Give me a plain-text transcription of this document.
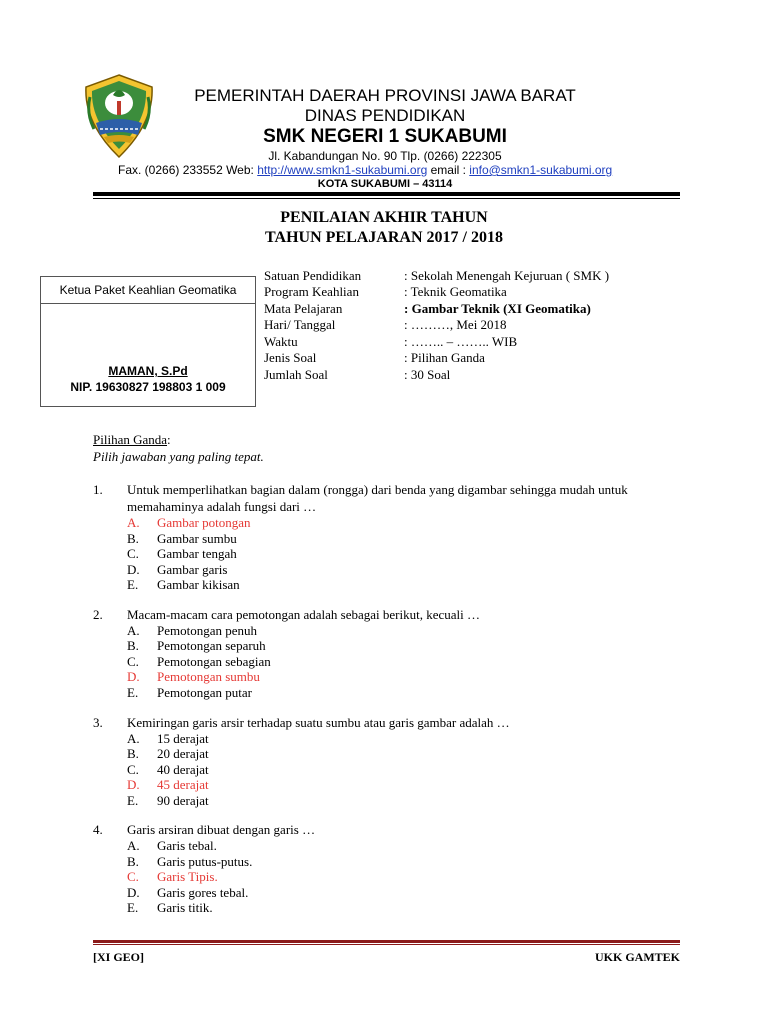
PEMERINTAH DAERAH PROVINSI JAWA BARAT
DINAS PENDIDIKAN
SMK NEGERI 1 SUKABUMI
Jl. Kabandungan No. 90 Tlp. (0266) 222305
Fax. (0266) 233552 Web: http://www.smkn1-sukabumi.org email : info@smkn1-sukabumi.org
KOTA SUKABUMI – 43114
PENILAIAN AKHIR TAHUN
TAHUN PELAJARAN 2017 / 2018
Ketua Paket Keahlian Geomatika
MAMAN, S.Pd
NIP. 19630827 198803 1 009
Satuan Pendidikan	: Sekolah Menengah Kejuruan ( SMK )
Program Keahlian	: Teknik Geomatika
Mata Pelajaran	: Gambar Teknik (XI Geomatika)
Hari/ Tanggal	: ………, Mei 2018
Waktu	: …….. – …….. WIB
Jenis Soal	: Pilihan Ganda
Jumlah Soal	: 30 Soal
Pilihan Ganda:
Pilih jawaban yang paling tepat.
1. Untuk memperlihatkan bagian dalam (rongga) dari benda yang digambar sehingga mudah untuk
memahaminya adalah fungsi dari …
A. Gambar potongan
B. Gambar sumbu
C. Gambar tengah
D. Gambar garis
E. Gambar kikisan
2. Macam-macam cara pemotongan adalah sebagai berikut, kecuali …
A. Pemotongan penuh
B. Pemotongan separuh
C. Pemotongan sebagian
D. Pemotongan sumbu
E. Pemotongan putar
3. Kemiringan garis arsir terhadap suatu sumbu atau garis gambar adalah …
A. 15 derajat
B. 20 derajat
C. 40 derajat
D. 45 derajat
E. 90 derajat
4. Garis arsiran dibuat dengan garis …
A. Garis tebal.
B. Garis putus-putus.
C. Garis Tipis.
D. Garis gores tebal.
E. Garis titik.
[XI GEO]	UKK GAMTEK
